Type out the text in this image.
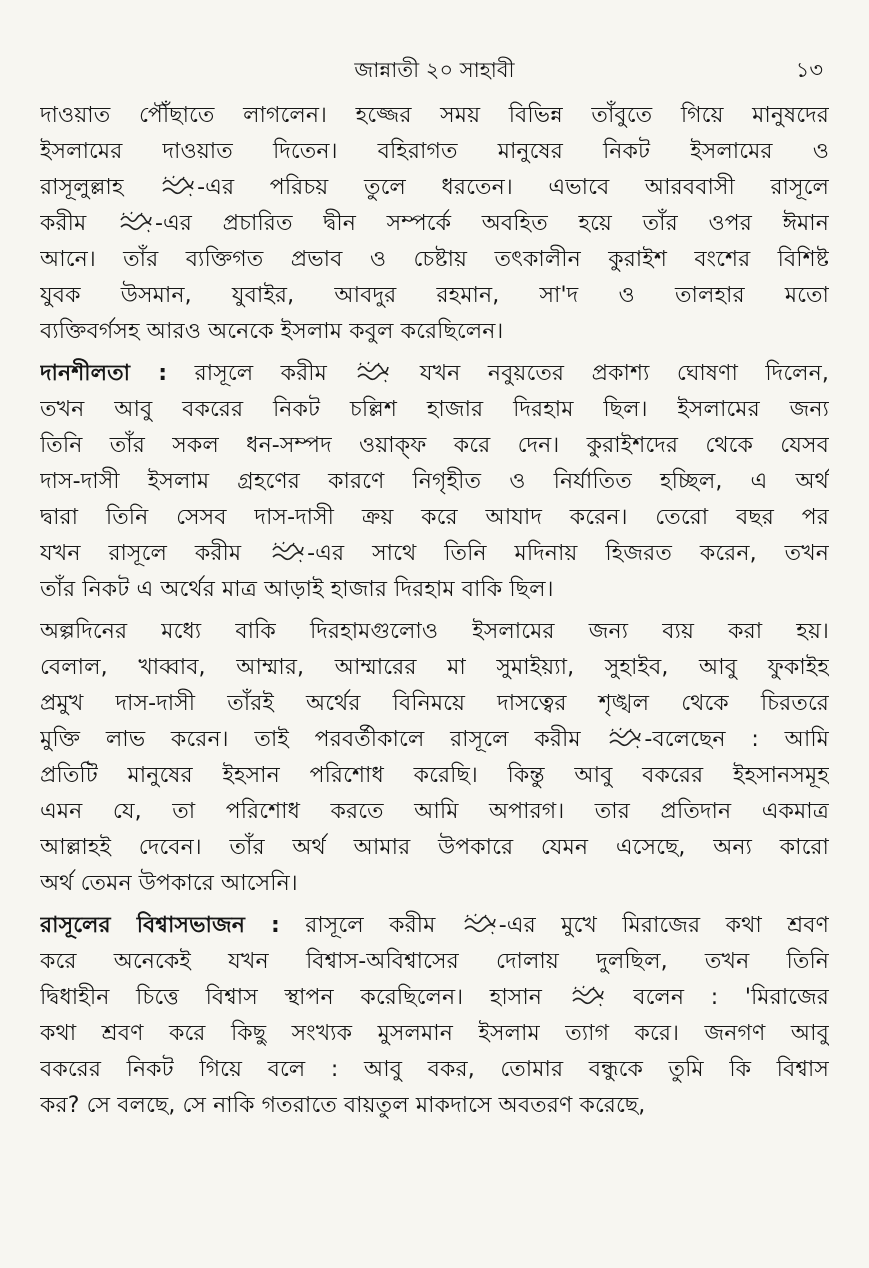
জান্নাতী ২০ সাহাবী	১৩
দাওয়াত পৌঁছাতে লাগলেন। হজ্জের সময় বিভিন্ন তাঁবুতে গিয়ে মানুষদের
ইসলামের দাওয়াত দিতেন। বহিরাগত মানুষের নিকট ইসলামের ও
রাসূলুল্লাহ
-এর পরিচয় তুলে ধরতেন। এভাবে আরববাসী রাসূলে
করীম
-এর প্রচারিত দ্বীন সম্পর্কে অবহিত হয়ে তাঁর ওপর ঈমান
আনে। তাঁর ব্যক্তিগত প্রভাব ও চেষ্টায় তৎকালীন কুরাইশ বংশের বিশিষ্ট
যুবক উসমান, যুবাইর, আবদুর রহমান, সা'দ ও তালহার মতো
ব্যক্তিবর্গসহ আরও অনেকে ইসলাম কবুল করেছিলেন।
দানশীলতা : রাসূলে করীম
যখন নবুয়তের প্রকাশ্য ঘোষণা দিলেন,
তখন আবু বকরের নিকট চল্লিশ হাজার দিরহাম ছিল। ইসলামের জন্য
তিনি তাঁর সকল ধন-সম্পদ ওয়াক্ফ করে দেন। কুরাইশদের থেকে যেসব
দাস-দাসী ইসলাম গ্রহণের কারণে নিগৃহীত ও নির্যাতিত হচ্ছিল, এ অর্থ
দ্বারা তিনি সেসব দাস-দাসী ক্রয় করে আযাদ করেন। তেরো বছর পর
যখন রাসূলে করীম
-এর সাথে তিনি মদিনায় হিজরত করেন, তখন
তাঁর নিকট এ অর্থের মাত্র আড়াই হাজার দিরহাম বাকি ছিল।
অল্পদিনের মধ্যে বাকি দিরহামগুলোও ইসলামের জন্য ব্যয় করা হয়।
বেলাল, খাব্বাব, আম্মার, আম্মারের মা সুমাইয়্যা, সুহাইব, আবু ফুকাইহ
প্রমুখ দাস-দাসী তাঁরই অর্থের বিনিময়ে দাসত্বের শৃঙ্খল থেকে চিরতরে
মুক্তি লাভ করেন। তাই পরবর্তীকালে রাসূলে করীম
-বলেছেন : আমি
প্রতিটি মানুষের ইহসান পরিশোধ করেছি। কিন্তু আবু বকরের ইহসানসমূহ
এমন যে, তা পরিশোধ করতে আমি অপারগ। তার প্রতিদান একমাত্র
আল্লাহই দেবেন। তাঁর অর্থ আমার উপকারে যেমন এসেছে, অন্য কারো
অর্থ তেমন উপকারে আসেনি।
রাসূলের বিশ্বাসভাজন : রাসূলে করীম
-এর মুখে মিরাজের কথা শ্রবণ
করে অনেকেই যখন বিশ্বাস-অবিশ্বাসের দোলায় দুলছিল, তখন তিনি
দ্বিধাহীন চিত্তে বিশ্বাস স্থাপন করেছিলেন। হাসান
বলেন : 'মিরাজের
কথা শ্রবণ করে কিছু সংখ্যক মুসলমান ইসলাম ত্যাগ করে। জনগণ আবু
বকরের নিকট গিয়ে বলে : আবু বকর, তোমার বন্ধুকে তুমি কি বিশ্বাস
কর? সে বলছে, সে নাকি গতরাতে বায়তুল মাকদাসে অবতরণ করেছে,
